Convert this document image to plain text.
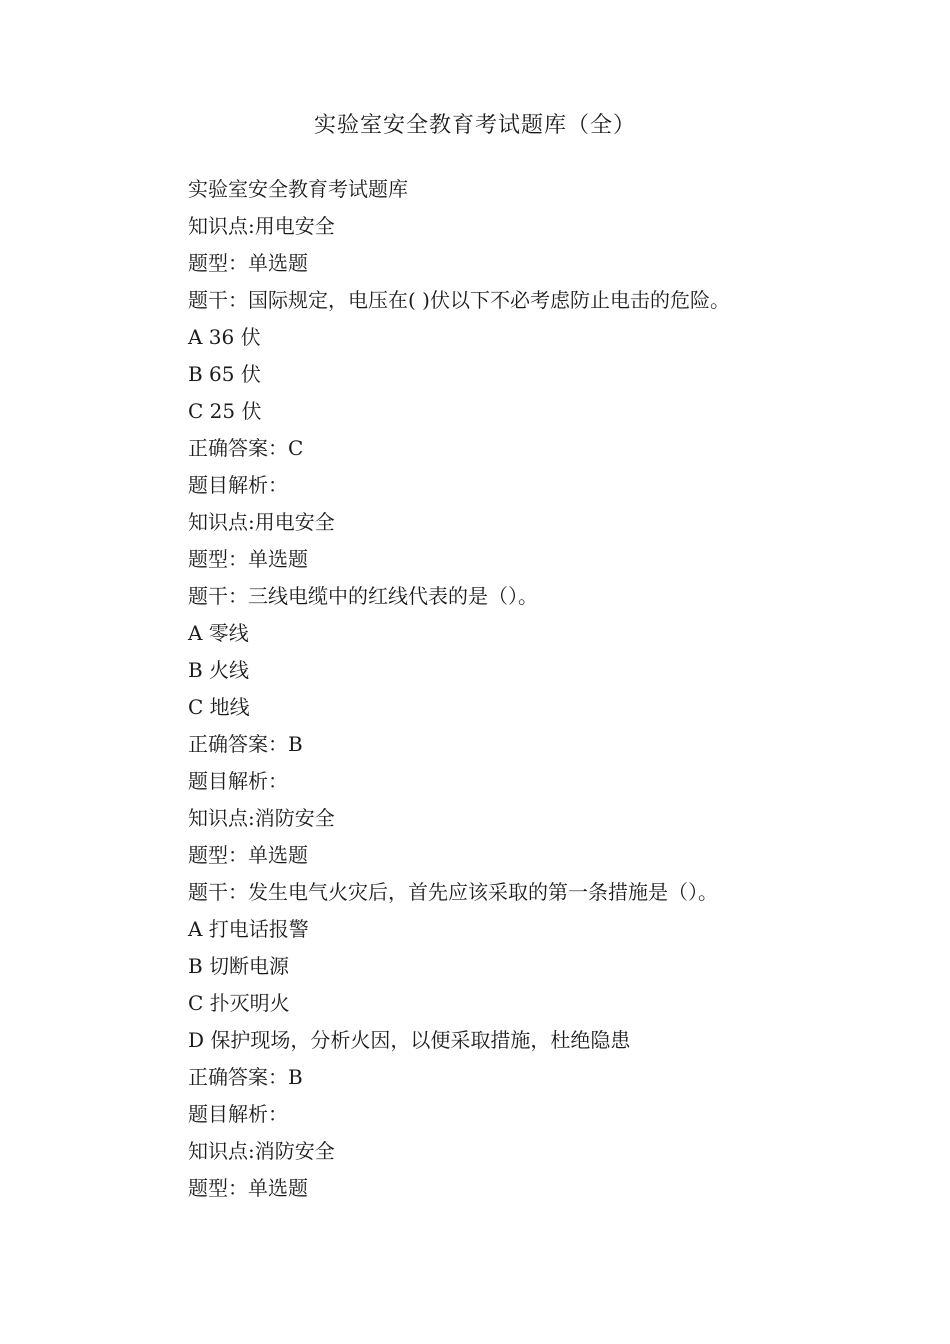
实验室安全教育考试题库（全）
实验室安全教育考试题库
知识点:用电安全
题型：单选题
题干：国际规定，电压在( )伏以下不必考虑防止电击的危险。
A 36 伏
B 65 伏
C 25 伏
正确答案：C
题目解析：
知识点:用电安全
题型：单选题
题干：三线电缆中的红线代表的是（）。
A 零线
B 火线
C 地线
正确答案：B
题目解析：
知识点:消防安全
题型：单选题
题干：发生电气火灾后，首先应该采取的第一条措施是（）。
A 打电话报警
B 切断电源
C 扑灭明火
D 保护现场，分析火因，以便采取措施，杜绝隐患
正确答案：B
题目解析：
知识点:消防安全
题型：单选题
